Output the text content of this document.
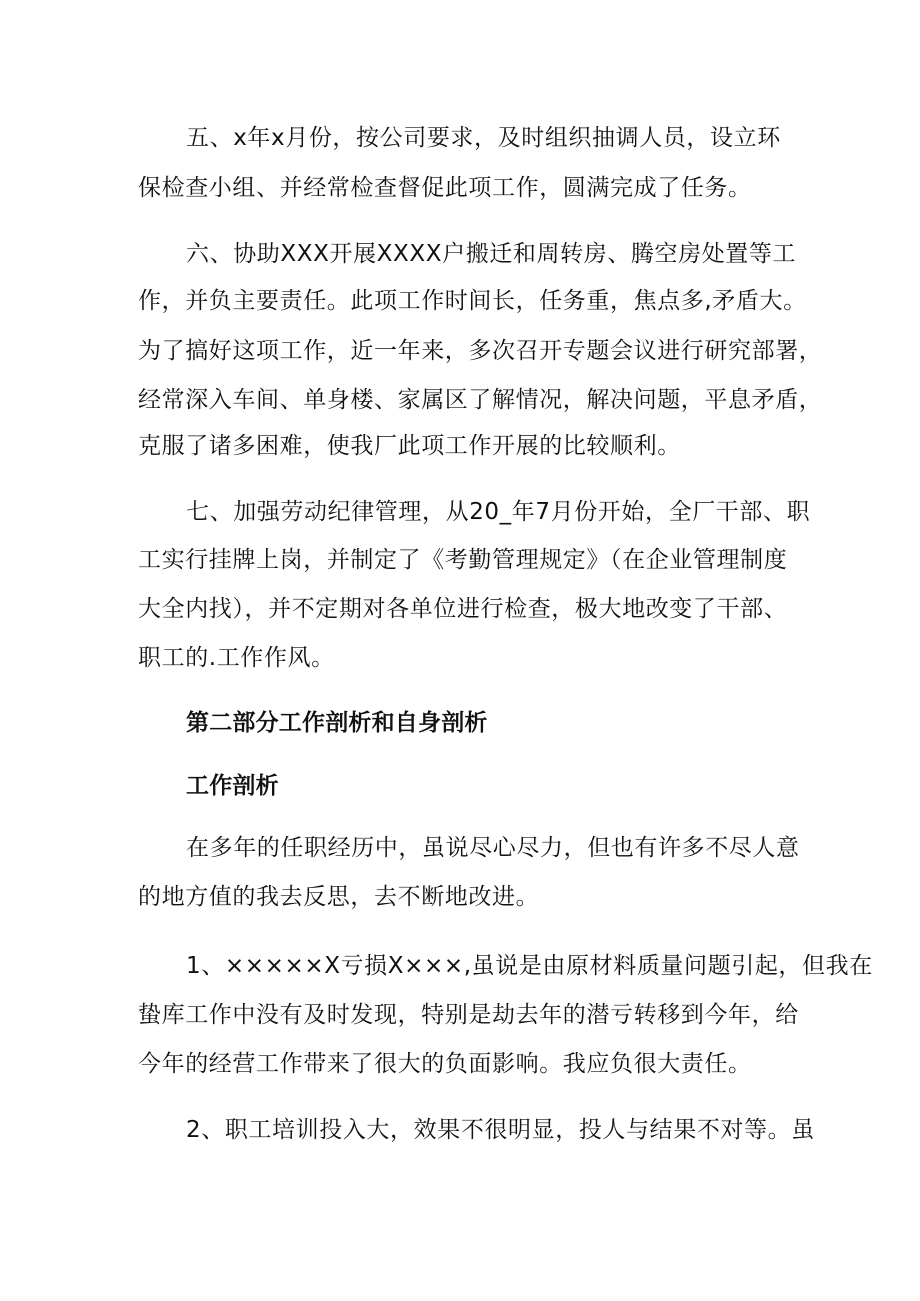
五、x年x月份，按公司要求，及时组织抽调人员，设立环
保检查小组、并经常检查督促此项工作，圆满完成了任务。
六、协助XXX开展XXXX户搬迁和周转房、腾空房处置等工
作，并负主要责任。此项工作时间长，任务重，焦点多,矛盾大。
为了搞好这项工作，近一年来，多次召开专题会议进行研究部署，
经常深入车间、单身楼、家属区了解情况，解决问题，平息矛盾，
克服了诸多困难，使我厂此项工作开展的比较顺利。
七、加强劳动纪律管理，从20_年7月份开始，全厂干部、职
工实行挂牌上岗，并制定了《考勤管理规定》（在企业管理制度
大全内找），并不定期对各单位进行检查，极大地改变了干部、
职工的.工作作风。
第二部分工作剖析和自身剖析
工作剖析
在多年的任职经历中，虽说尽心尽力，但也有许多不尽人意
的地方值的我去反思，去不断地改进。
1、×××××X亏损X×××,虽说是由原材料质量问题引起，但我在
蛰库工作中没有及时发现，特别是劫去年的潜亏转移到今年，给
今年的经营工作带来了很大的负面影响。我应负很大责任。
2、职工培训投入大，效果不很明显，投人与结果不对等。虽
